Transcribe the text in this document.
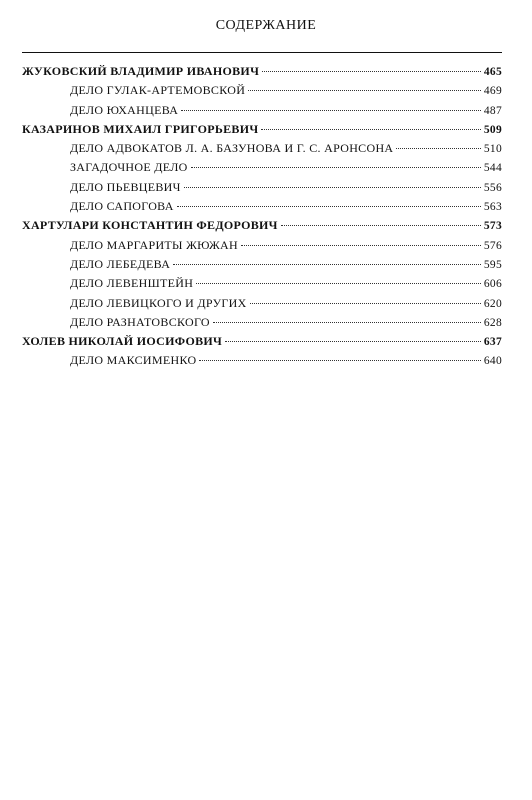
СОДЕРЖАНИЕ
ЖУКОВСКИЙ ВЛАДИМИР ИВАНОВИЧ	465
ДЕЛО ГУЛАК-АРТЕМОВСКОЙ	469
ДЕЛО ЮХАНЦЕВА	487
КАЗАРИНОВ МИХАИЛ ГРИГОРЬЕВИЧ	509
ДЕЛО АДВОКАТОВ Л. А. БАЗУНОВА И Г. С. АРОНСОНА	510
ЗАГАДОЧНОЕ ДЕЛО	544
ДЕЛО ПЬЕВЦЕВИЧ	556
ДЕЛО САПОГОВА	563
ХАРТУЛАРИ КОНСТАНТИН ФЕДОРОВИЧ	573
ДЕЛО МАРГАРИТЫ ЖЮЖАН	576
ДЕЛО ЛЕБЕДЕВА	595
ДЕЛО ЛЕВЕНШТЕЙН	606
ДЕЛО ЛЕВИЦКОГО И ДРУГИХ	620
ДЕЛО РАЗНАТОВСКОГО	628
ХОЛЕВ НИКОЛАЙ ИОСИФОВИЧ	637
ДЕЛО МАКСИМЕНКО	640
